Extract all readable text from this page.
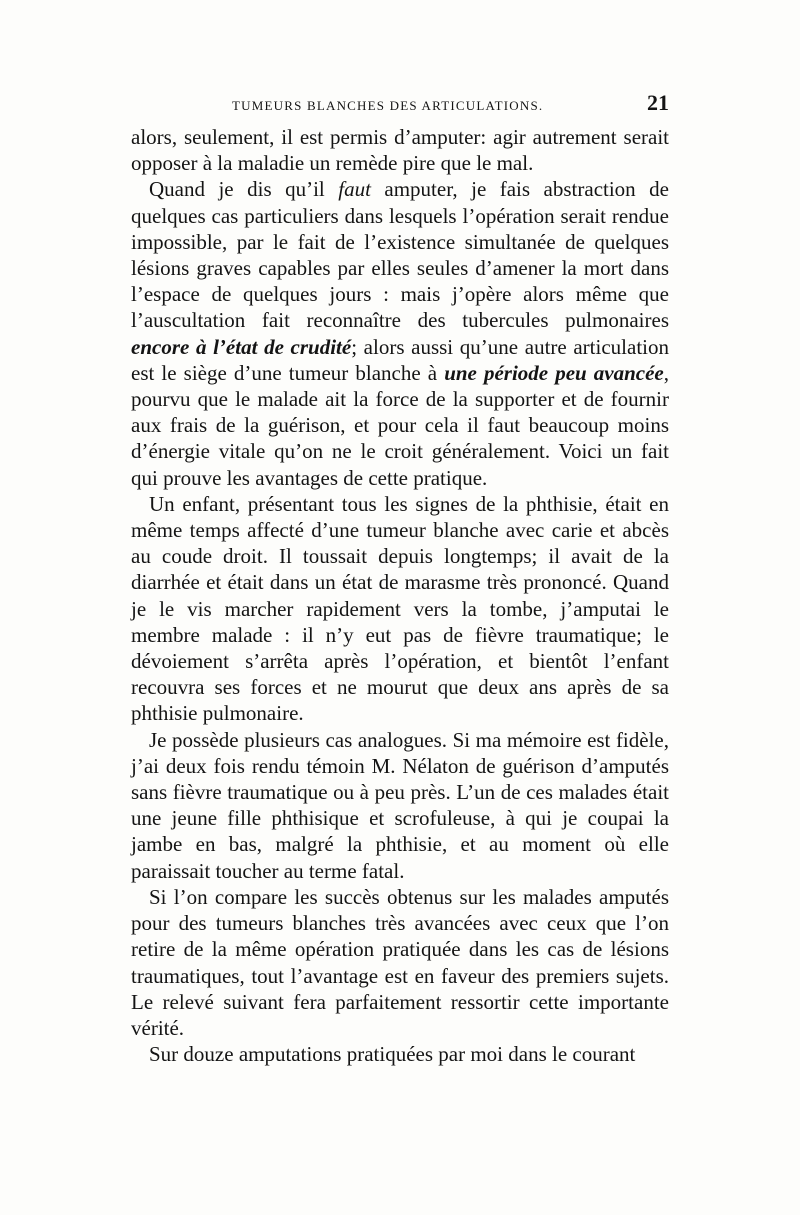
TUMEURS BLANCHES DES ARTICULATIONS.	21

alors, seulement, il est permis d’amputer: agir autrement serait opposer à la maladie un remède pire que le mal.

Quand je dis qu’il faut amputer, je fais abstraction de quelques cas particuliers dans lesquels l’opération serait rendue impossible, par le fait de l’existence simultanée de quelques lésions graves capables par elles seules d’amener la mort dans l’espace de quelques jours : mais j’opère alors même que l’auscultation fait reconnaître des tubercules pulmonaires encore à l’état de crudité; alors aussi qu’une autre articulation est le siège d’une tumeur blanche à une période peu avancée, pourvu que le malade ait la force de la supporter et de fournir aux frais de la guérison, et pour cela il faut beaucoup moins d’énergie vitale qu’on ne le croit généralement. Voici un fait qui prouve les avantages de cette pratique.

Un enfant, présentant tous les signes de la phthisie, était en même temps affecté d’une tumeur blanche avec carie et abcès au coude droit. Il toussait depuis longtemps; il avait de la diarrhée et était dans un état de marasme très prononcé. Quand je le vis marcher rapidement vers la tombe, j’amputai le membre malade : il n’y eut pas de fièvre traumatique; le dévoiement s’arrêta après l’opération, et bientôt l’enfant recouvra ses forces et ne mourut que deux ans après de sa phthisie pulmonaire.

Je possède plusieurs cas analogues. Si ma mémoire est fidèle, j’ai deux fois rendu témoin M. Nélaton de guérison d’amputés sans fièvre traumatique ou à peu près. L’un de ces malades était une jeune fille phthisique et scrofuleuse, à qui je coupai la jambe en bas, malgré la phthisie, et au moment où elle paraissait toucher au terme fatal.

Si l’on compare les succès obtenus sur les malades amputés pour des tumeurs blanches très avancées avec ceux que l’on retire de la même opération pratiquée dans les cas de lésions traumatiques, tout l’avantage est en faveur des premiers sujets. Le relevé suivant fera parfaitement ressortir cette importante vérité.

Sur douze amputations pratiquées par moi dans le courant
